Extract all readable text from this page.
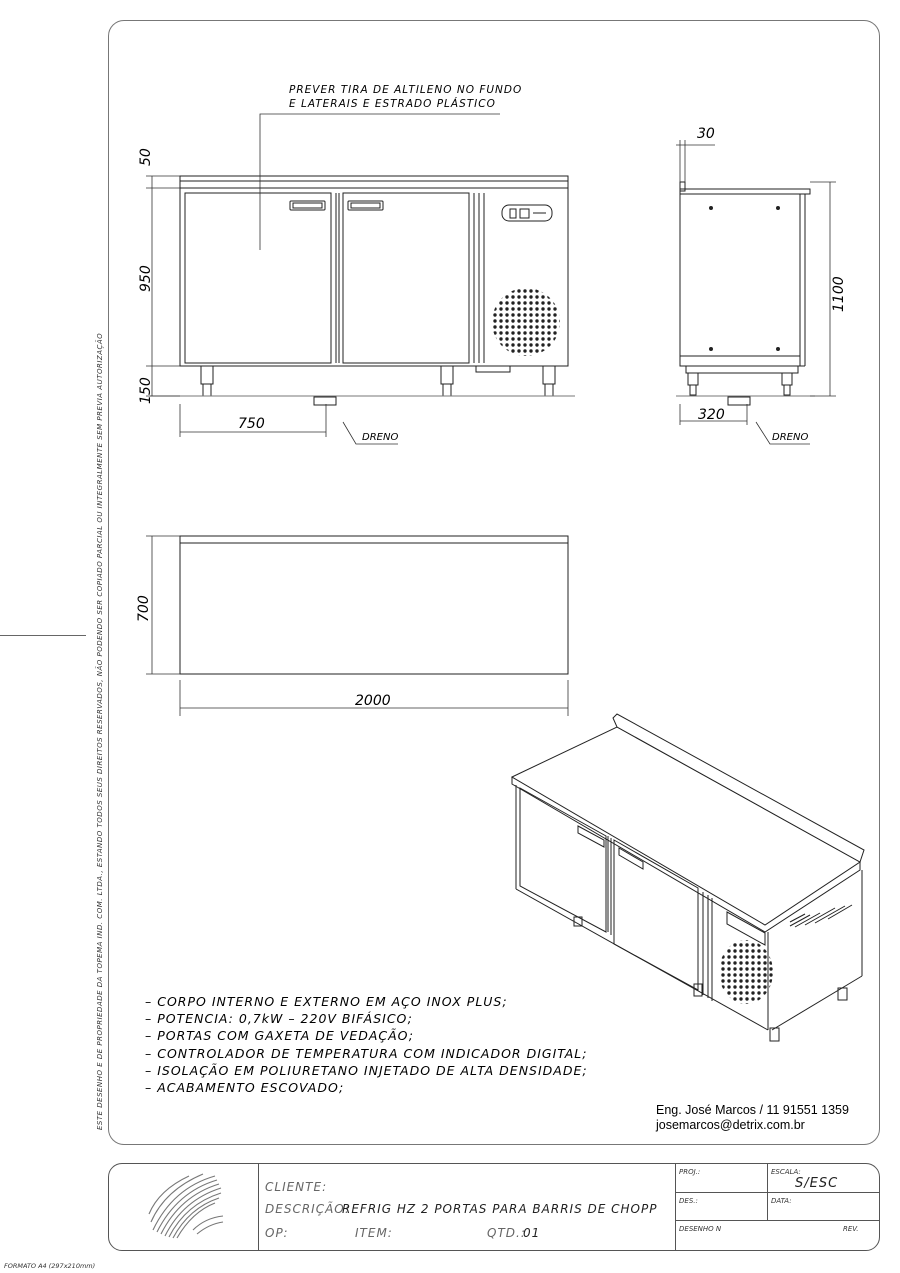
ESTE DESENHO E DE PROPRIEDADE DA TOPEMA IND. COM. LTDA., ESTANDO TODOS SEUS DIREITOS RESERVADOS, NÃO PODENDO SER COPIADO PARCIAL OU INTEGRALMENTE SEM PREVIA AUTORIZAÇÃO
50
950
150
750
DRENO
PREVER TIRA DE ALTILENO NO FUNDO
E LATERAIS E ESTRADO PLÁSTICO
30
1100
320
DRENO
700
2000
– CORPO INTERNO E EXTERNO EM AÇO INOX PLUS;
– POTENCIA: 0,7kW – 220V BIFÁSICO;
– PORTAS COM GAXETA DE VEDAÇÃO;
– CONTROLADOR DE TEMPERATURA COM INDICADOR DIGITAL;
– ISOLAÇÃO EM POLIURETANO INJETADO DE ALTA DENSIDADE;
– ACABAMENTO ESCOVADO;
Eng. José Marcos / 11 91551 1359
josemarcos@detrix.com.br
CLIENTE:
DESCRIÇÃO:
REFRIG HZ 2 PORTAS PARA BARRIS DE CHOPP
OP:	ITEM:	QTD.:
01
PROJ.:	ESCALA:
S/ESC
DES.:	DATA:
DESENHO N	REV.
FORMATO A4 (297x210mm)
